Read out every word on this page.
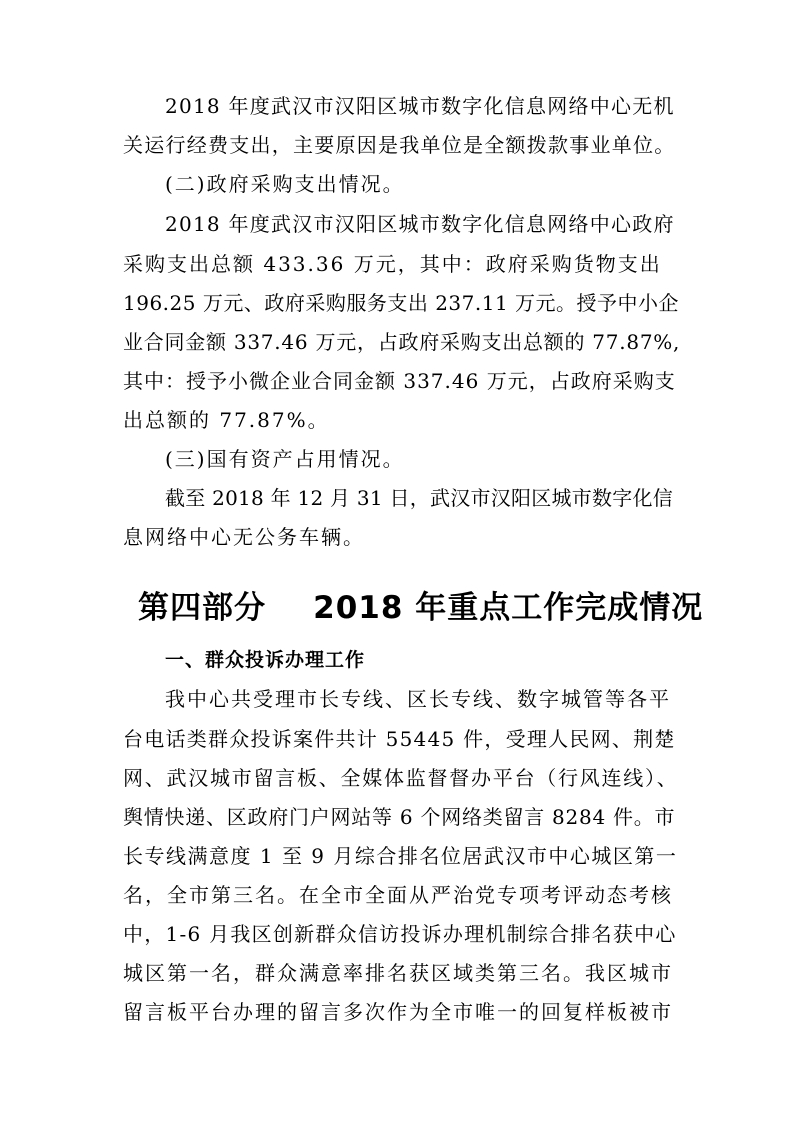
2018 年度武汉市汉阳区城市数字化信息网络中心无机
关运行经费支出，主要原因是我单位是全额拨款事业单位。
(二)政府采购支出情况。
2018 年度武汉市汉阳区城市数字化信息网络中心政府
采购支出总额 433.36 万元，其中：政府采购货物支出
196.25 万元、政府采购服务支出 237.11 万元。授予中小企
业合同金额 337.46 万元，占政府采购支出总额的 77.87%,
其中：授予小微企业合同金额 337.46 万元，占政府采购支
出总额的 77.87%。
(三)国有资产占用情况。
截至 2018 年 12 月 31 日，武汉市汉阳区城市数字化信
息网络中心无公务车辆。
第四部分    2018 年重点工作完成情况
一、群众投诉办理工作
我中心共受理市长专线、区长专线、数字城管等各平
台电话类群众投诉案件共计 55445 件，受理人民网、荆楚
网、武汉城市留言板、全媒体监督督办平台（行风连线）、
舆情快递、区政府门户网站等 6 个网络类留言 8284 件。市
长专线满意度 1 至 9 月综合排名位居武汉市中心城区第一
名，全市第三名。在全市全面从严治党专项考评动态考核
中，1-6 月我区创新群众信访投诉办理机制综合排名获中心
城区第一名，群众满意率排名获区域类第三名。我区城市
留言板平台办理的留言多次作为全市唯一的回复样板被市
